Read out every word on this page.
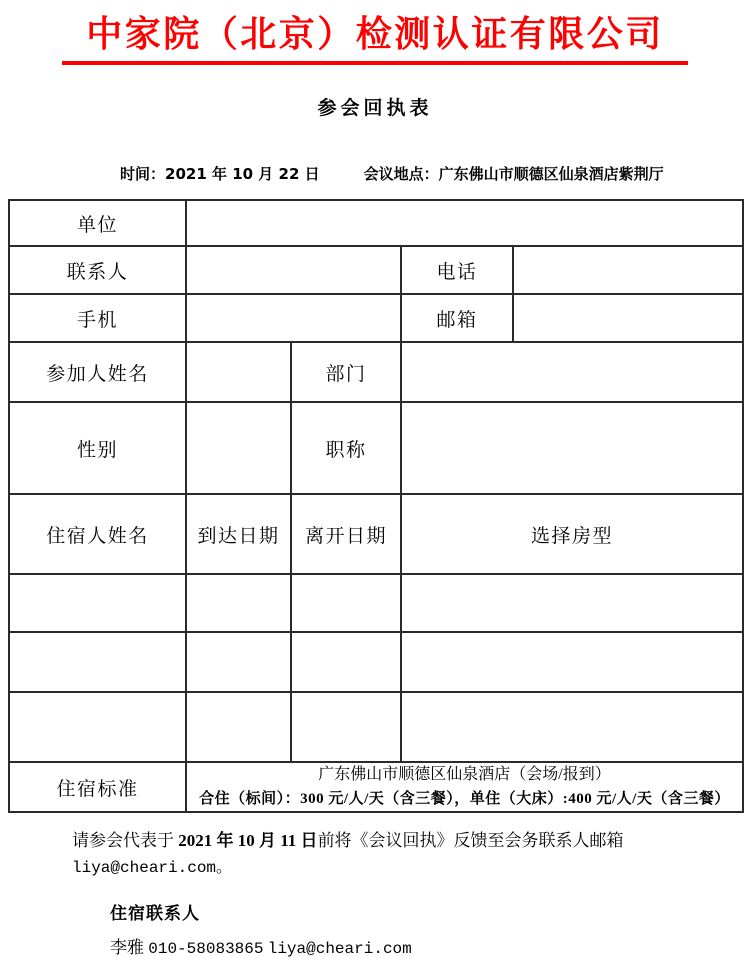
中家院（北京）检测认证有限公司
参会回执表
时间：2021 年 10 月 22 日	会议地点：广东佛山市顺德区仙泉酒店紫荆厅
单位				
联系人			电话	
手机			邮箱	
参加人姓名		部门		
性别		职称		
住宿人姓名	到达日期	离开日期	选择房型	

住宿标准	广东佛山市顺德区仙泉酒店（会场/报到）
合住（标间）：300 元/人/天（含三餐），单住（大床）:400 元/人/天（含三餐）			
请参会代表于 2021 年 10 月 11 日前将《会议回执》反馈至会务联系人邮箱
liya@cheari.com。
住宿联系人
李雅 010-58083865 liya@cheari.com
